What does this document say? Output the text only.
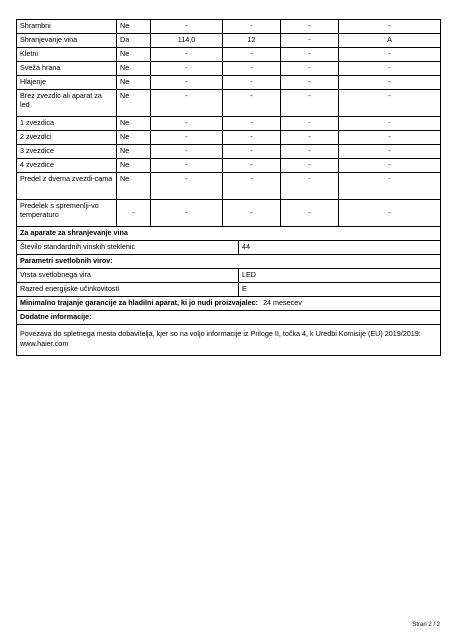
Shrambni	Ne	-	-	-	-
Shranjevanje vina	Da	114,0	12	-	A
Kletni	Ne	-	-	-	-
Sveža hrana	Ne	-	-	-	-
Hlajenje	Ne	-	-	-	-
Brez zvezdic ali aparat za led	Ne	-	-	-	-
1 zvezdica	Ne	-	-	-	-
2 zvezdici	Ne	-	-	-	-
3 zvezdice	Ne	-	-	-	-
4 zvezdice	Ne	-	-	-	-
Predel z dvema zvezdi-cama	Ne	-	-	-	-
Predelek s spremenlji-vo temperaturo	-	-	-	-	-
Za aparate za shranjevanje vina	
Število standardnih vinskih steklenic	44
Parametri svetlobnih virov:	
Vrsta svetlobnega vira	LED
Razred energijske učinkovitosti	E
Minimalno trajanje garancije za hladilni aparat, ki jo nudi proizvajalec: 24 mesecev	
Dodatne informacije:	
Povezava do spletnega mesta dobavitelja, kjer so na voljo informacije iz Priloge II, točka 4, k Uredbi Komisije (EU) 2019/2019: www.haier.com	
Stran 2 / 2
